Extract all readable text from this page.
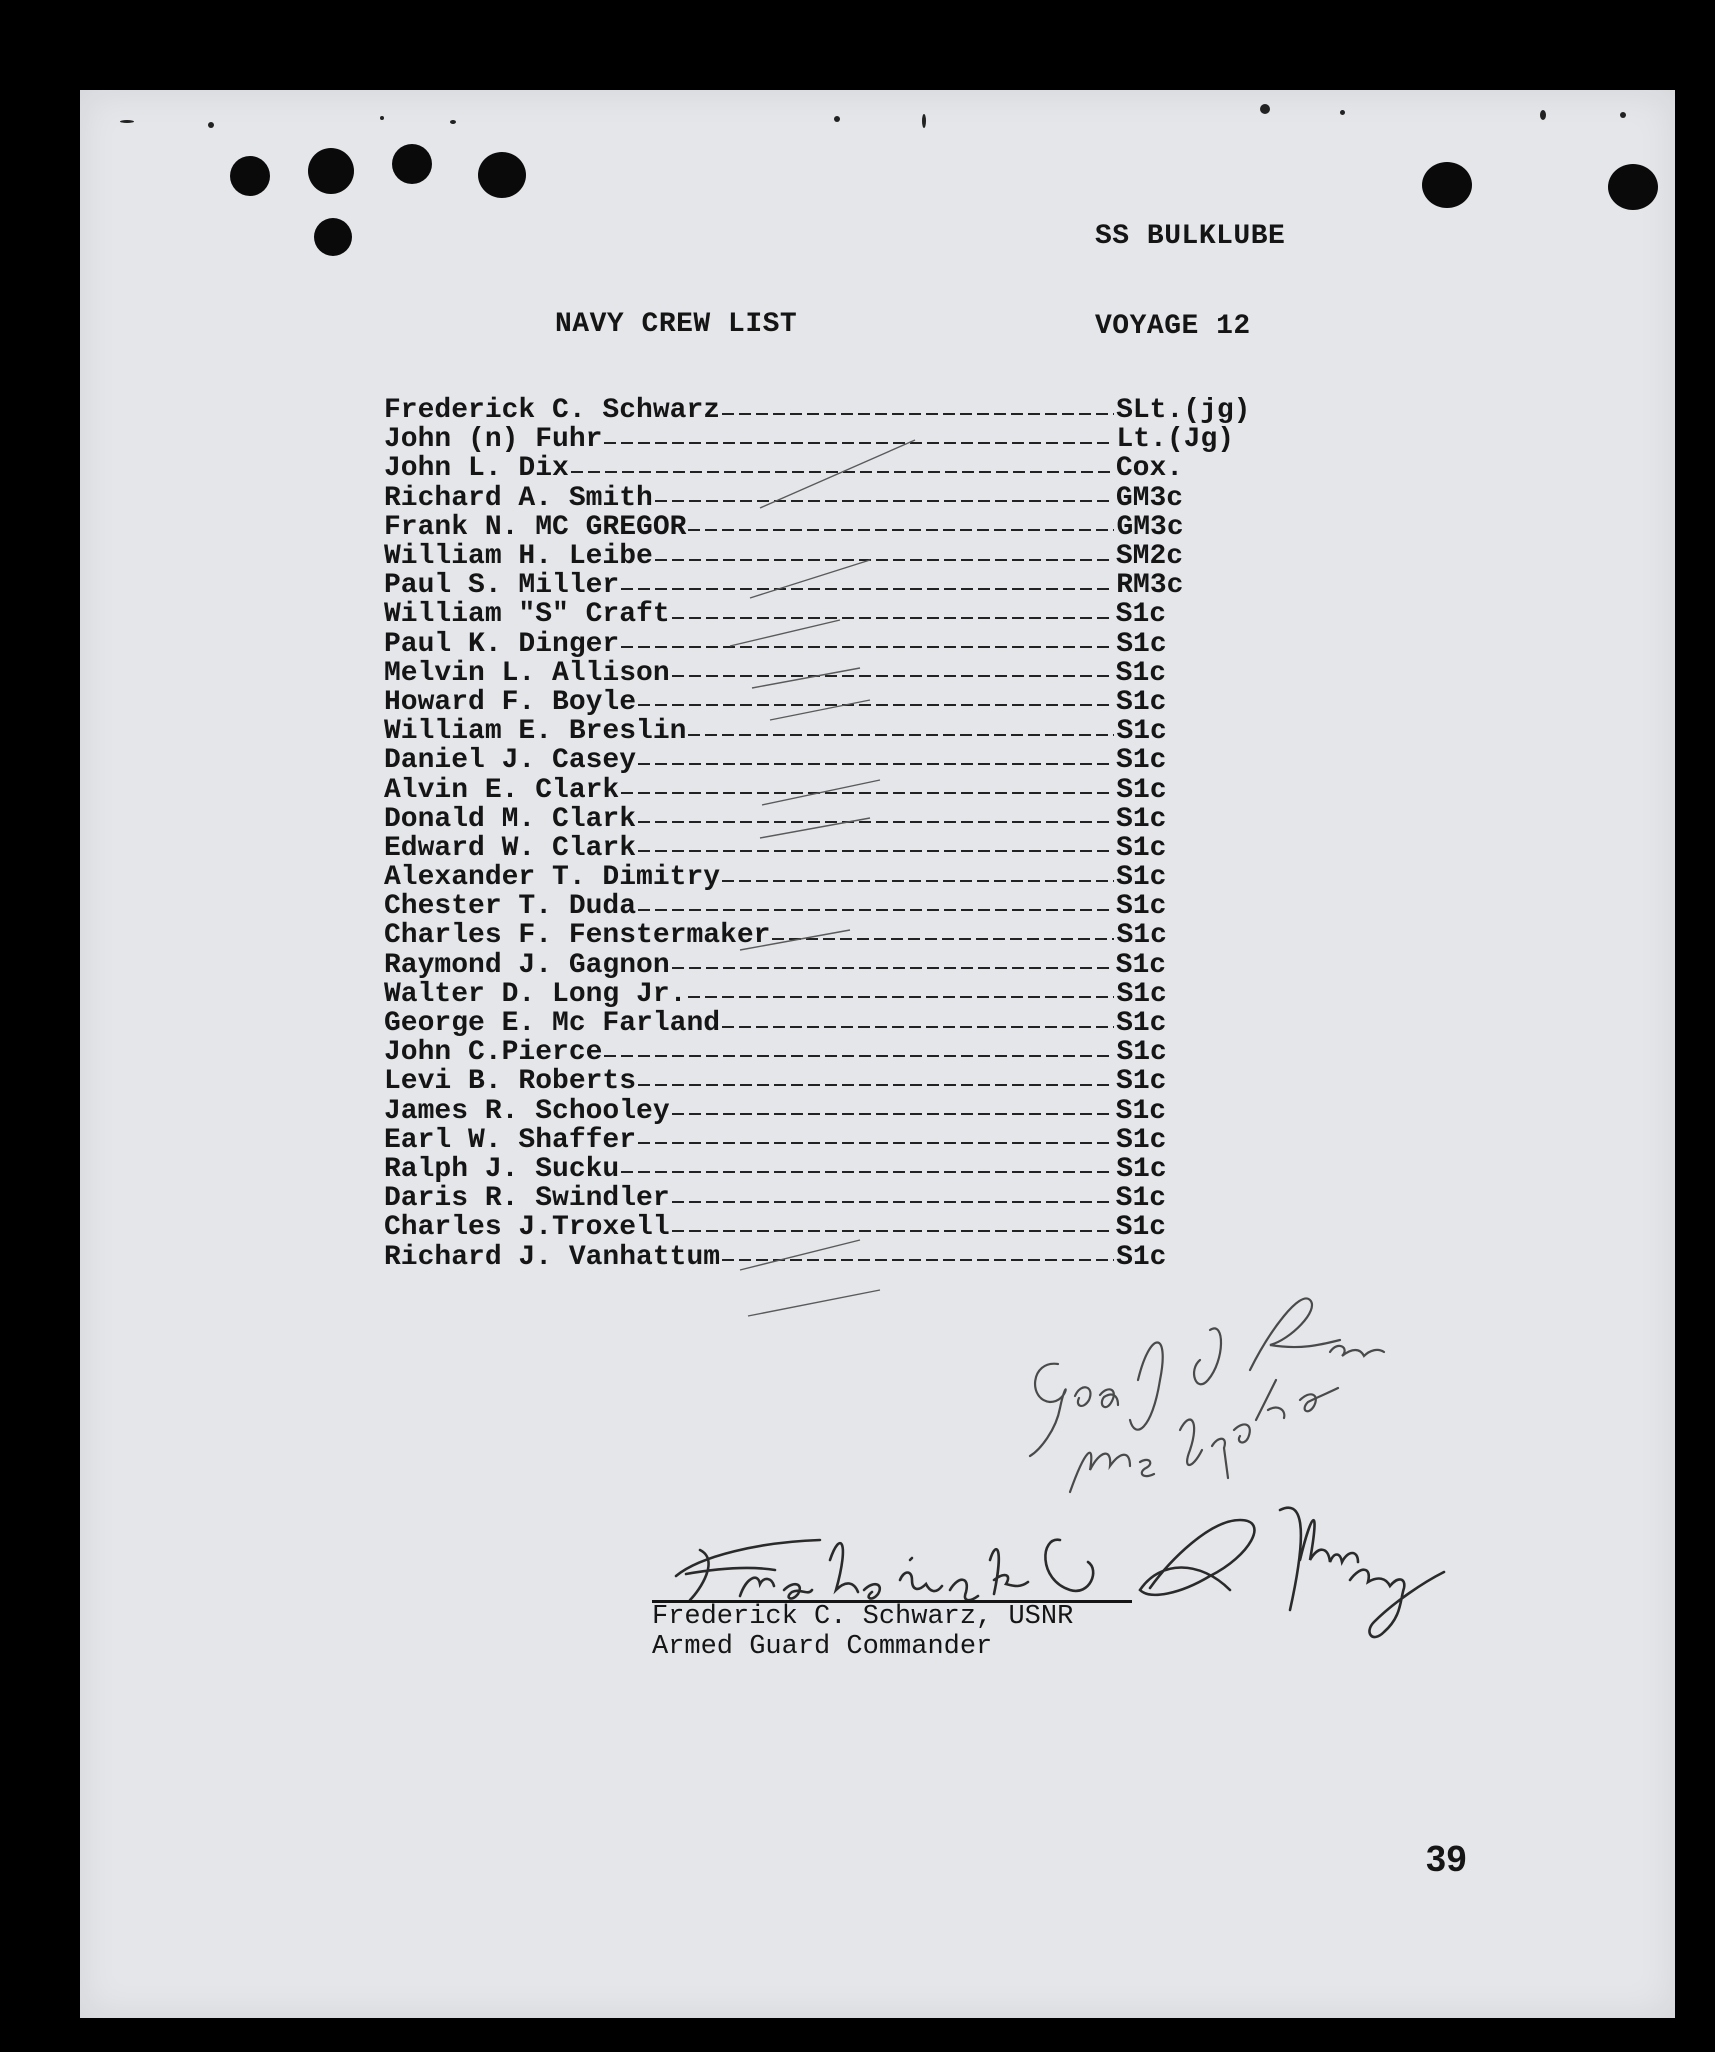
SS BULKLUBE

VOYAGE 12

NAVY CREW LIST
Frederick C. Schwarz	SLt.(jg)
John (n) Fuhr	Lt.(Jg)
John L. Dix	Cox.
Richard A. Smith	GM3c
Frank N. MC GREGOR	GM3c
William H. Leibe	SM2c
Paul S. Miller	RM3c
William "S" Craft	S1c
Paul K. Dinger	S1c
Melvin L. Allison	S1c
Howard F. Boyle	S1c
William E. Breslin	S1c
Daniel J. Casey	S1c
Alvin E. Clark	S1c
Donald M. Clark	S1c
Edward W. Clark	S1c
Alexander T. Dimitry	S1c
Chester T. Duda	S1c
Charles F. Fenstermaker	S1c
Raymond J. Gagnon	S1c
Walter D. Long Jr.	S1c
George E. Mc Farland	S1c
John C.Pierce	S1c
Levi B. Roberts	S1c
James R. Schooley	S1c
Earl W. Shaffer	S1c
Ralph J. Sucku	S1c
Daris R. Swindler	S1c
Charles J.Troxell	S1c
Richard J. Vanhattum	S1c
Frederick C. Schwarz, USNR
Armed Guard Commander
39
